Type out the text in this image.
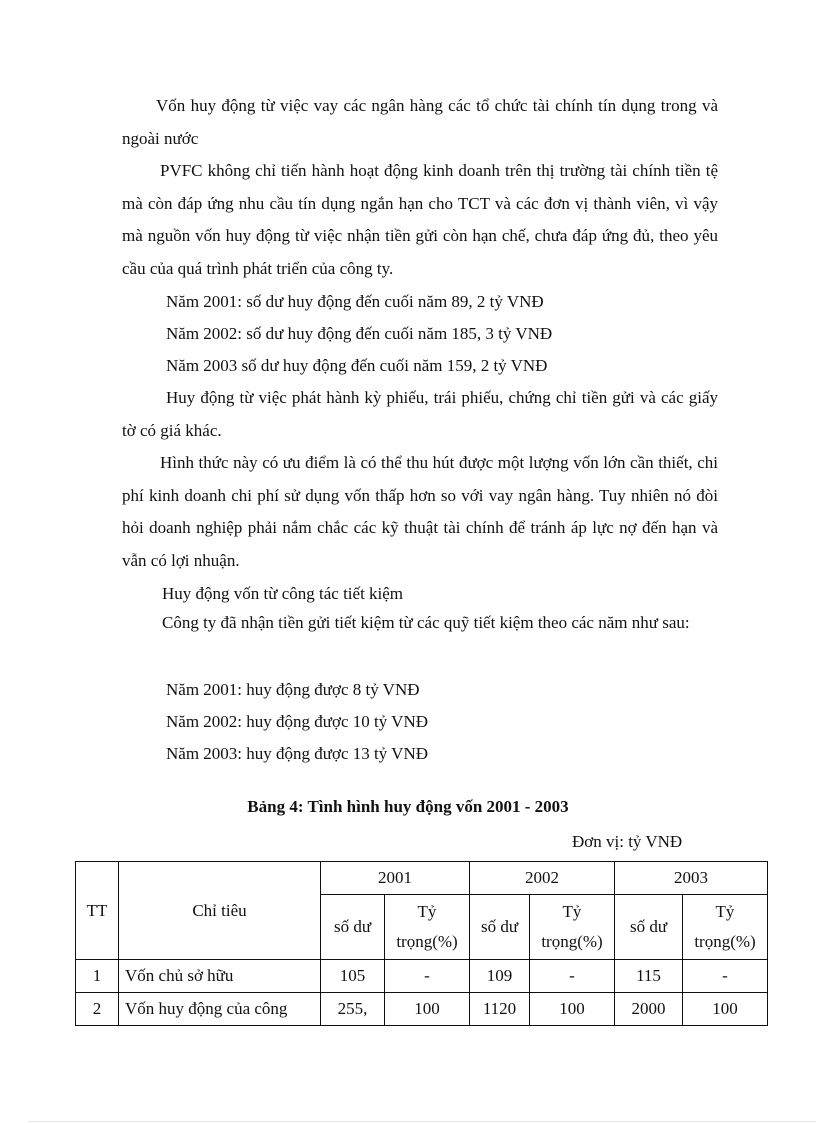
Vốn huy động từ việc vay các ngân hàng các tổ chức tài chính tín dụng trong và ngoài nước

PVFC không chỉ tiến hành hoạt động kinh doanh trên thị trường tài chính tiền tệ mà còn đáp ứng nhu cầu tín dụng ngắn hạn cho TCT và các đơn vị thành viên, vì vậy mà nguồn vốn huy động từ việc nhận tiền gửi còn hạn chế, chưa đáp ứng đủ, theo yêu cầu của quá trình phát triển của công ty.

Năm 2001: số dư huy động đến cuối năm 89, 2 tỷ VNĐ

Năm 2002: số dư huy động đến cuối năm 185, 3 tỷ VNĐ

Năm 2003 số dư huy động đến cuối năm 159, 2 tỷ VNĐ

Huy động từ việc phát hành kỳ phiếu, trái phiếu, chứng chỉ tiền gửi và các giấy tờ có giá khác.

Hình thức này có ưu điểm là có thể thu hút được một lượng vốn lớn cần thiết, chi phí kinh doanh chi phí sử dụng vốn thấp hơn so với vay ngân hàng. Tuy nhiên nó đòi hỏi doanh nghiệp phải nắm chắc các kỹ thuật tài chính để tránh áp lực nợ đến hạn và vẫn có lợi nhuận.

Huy động vốn từ công tác tiết kiệm

Công ty đã nhận tiền gửi tiết kiệm từ các quỹ tiết kiệm theo các năm như sau:

Năm 2001: huy động được 8 tỷ VNĐ

Năm 2002: huy động được 10 tỷ VNĐ

Năm 2003: huy động được 13 tỷ VNĐ

Bảng 4: Tình hình huy động vốn 2001 - 2003

Đơn vị: tỷ VNĐ
TT	Chỉ tiêu	2001		2002		2003	
		số dư	Tỷ trọng(%)	số dư	Tỷ trọng(%)	số dư	Tỷ trọng(%)
1	Vốn chủ sở hữu	105	-	109	-	115	-
2	Vốn huy động của công	255,	100	1120	100	2000	100
